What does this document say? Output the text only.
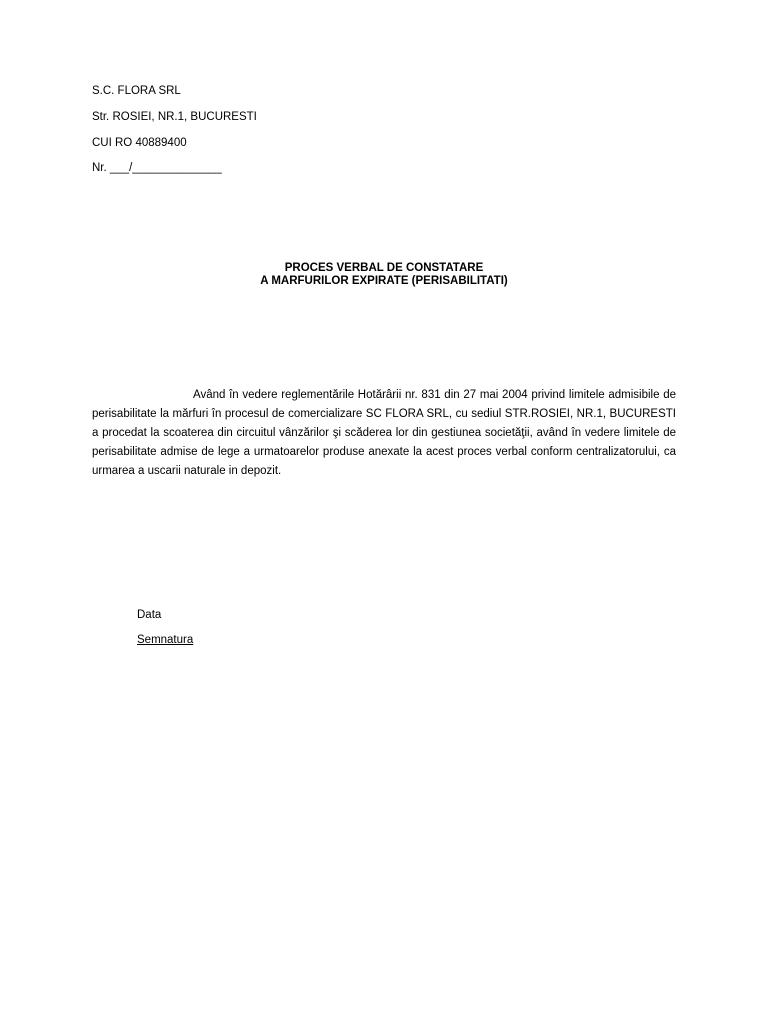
S.C. FLORA SRL
Str. ROSIEI, NR.1, BUCURESTI
CUI RO 40889400
Nr. ___/______________
PROCES VERBAL DE CONSTATARE
A MARFURILOR EXPIRATE (PERISABILITATI)
Având în vedere reglementările Hotărârii nr. 831 din 27 mai 2004 privind limitele admisibile de perisabilitate la mărfuri în procesul de comercializare SC FLORA SRL, cu sediul STR.ROSIEI, NR.1, BUCURESTI a procedat la scoaterea din circuitul vânzărilor şi scăderea lor din gestiunea societăţii, având în vedere limitele de perisabilitate admise de lege a urmatoarelor produse anexate la acest proces verbal conform centralizatorului, ca urmarea a uscarii naturale in depozit.
Data
Semnatura
